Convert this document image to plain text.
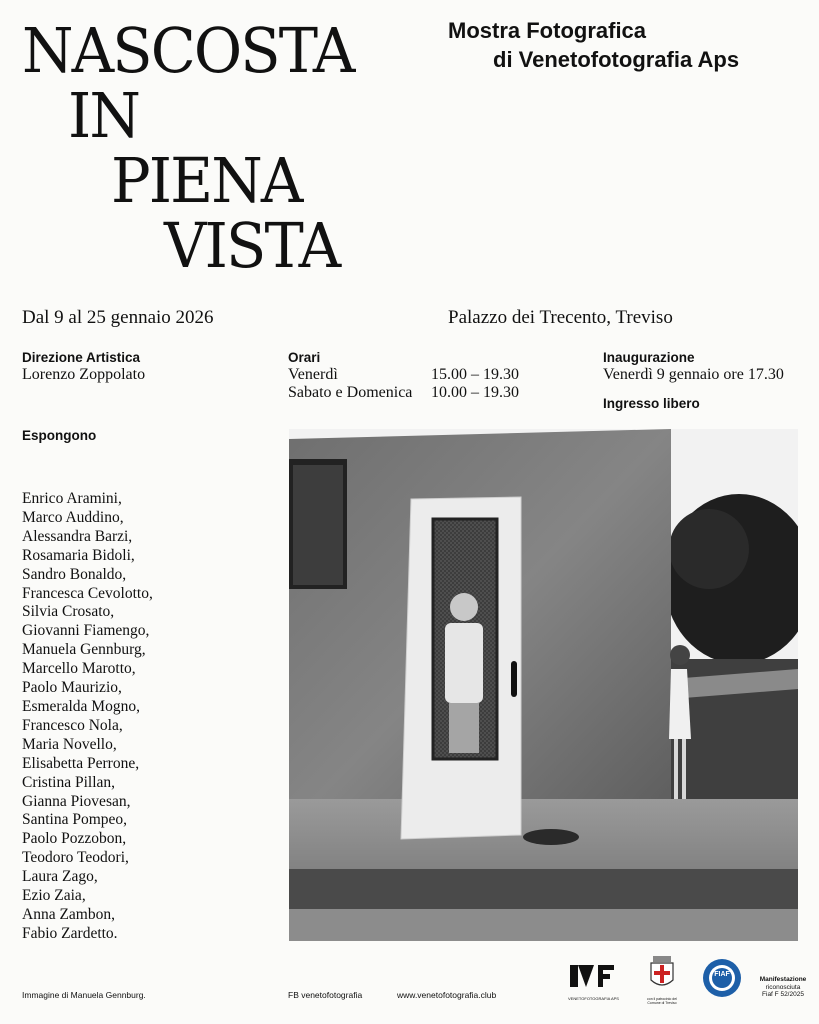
NASCOSTA
IN
PIENA
VISTA
Mostra Fotografica
di Venetofotografia Aps
Dal 9 al 25 gennaio 2026	Palazzo dei Trecento, Treviso
Direzione Artistica
Lorenzo Zoppolato
Orari
Venerdì	15.00 – 19.30
Sabato e Domenica 10.00 – 19.30
Inaugurazione
Venerdì 9 gennaio ore 17.30
Ingresso libero
Espongono
Enrico Aramini,
Marco Auddino,
Alessandra Barzi,
Rosamaria Bidoli,
Sandro Bonaldo,
Francesca Cevolotto,
Silvia Crosato,
Giovanni Fiamengo,
Manuela Gennburg,
Marcello Marotto,
Paolo Maurizio,
Esmeralda Mogno,
Francesco Nola,
Maria Novello,
Elisabetta Perrone,
Cristina Pillan,
Gianna Piovesan,
Santina Pompeo,
Paolo Pozzobon,
Teodoro Teodori,
Laura Zago,
Ezio Zaia,
Anna Zambon,
Fabio Zardetto.
Immagine di Manuela Gennburg.	FB venetofotografia	www.venetofotografia.club	VENETOFOTOGRAFIA APS	con il patrocinio del Comune di Treviso
FIAF
Manifestazione
riconosciuta
Fiaf F 52/2025
